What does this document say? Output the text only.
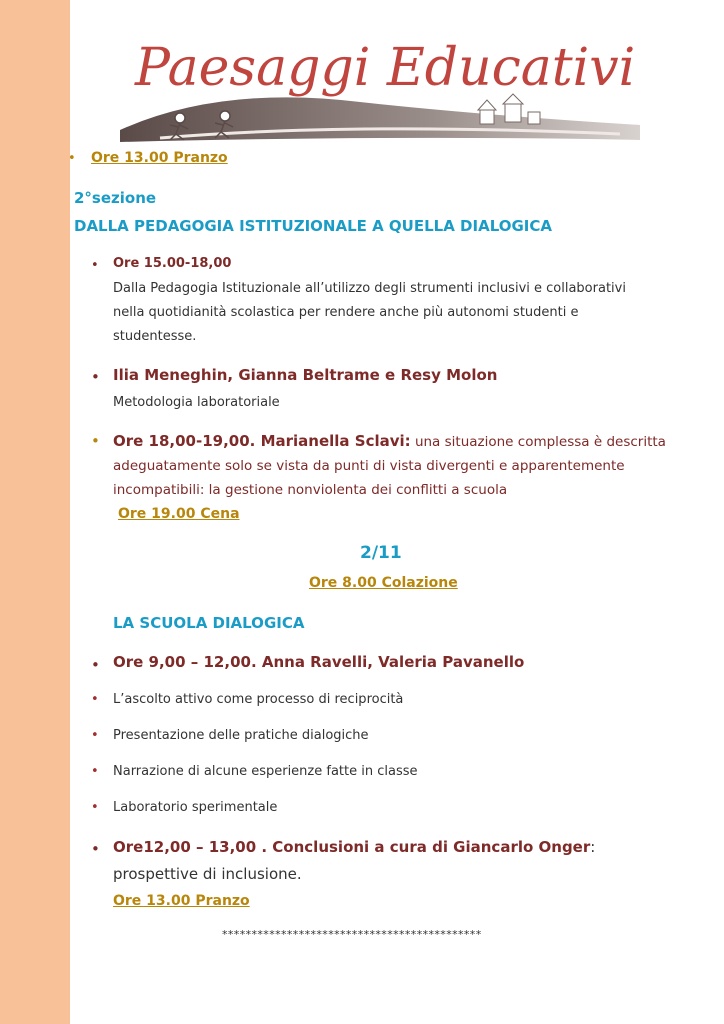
Paesaggi Educativi
• Ore 13.00 Pranzo
2°sezione
DALLA PEDAGOGIA ISTITUZIONALE A QUELLA DIALOGICA
• Ore 15.00-18,00
Dalla Pedagogia Istituzionale all’utilizzo degli strumenti inclusivi e collaborativi
nella quotidianità scolastica per rendere anche più autonomi studenti e
studentesse.
• Ilia Meneghin, Gianna Beltrame e Resy Molon
Metodologia laboratoriale
• Ore 18,00-19,00. Marianella Sclavi: una situazione complessa è descritta
adeguatamente solo se vista da punti di vista divergenti e apparentemente
incompatibili: la gestione nonviolenta dei conflitti a scuola
Ore 19.00 Cena
2/11
Ore 8.00 Colazione
LA SCUOLA DIALOGICA
• Ore 9,00 – 12,00. Anna Ravelli, Valeria Pavanello
• L’ascolto attivo come processo di reciprocità
• Presentazione delle pratiche dialogiche
• Narrazione di alcune esperienze fatte in classe
• Laboratorio sperimentale
• Ore12,00 – 13,00 . Conclusioni a cura di Giancarlo Onger:
prospettive di inclusione.
Ore 13.00 Pranzo
********************************************
